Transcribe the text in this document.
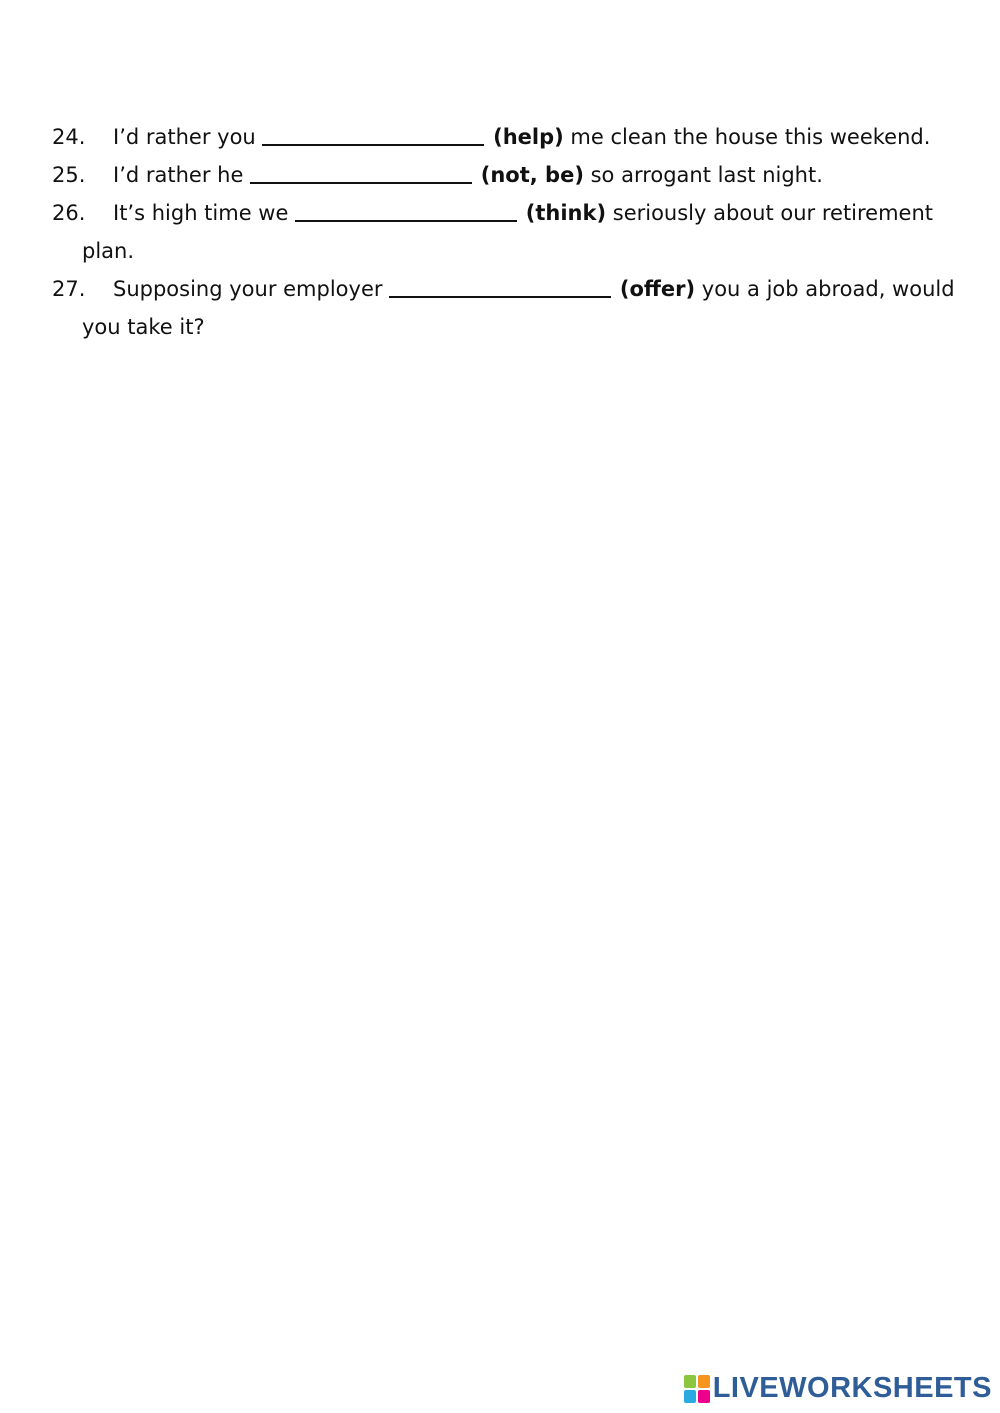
24.	I’d rather you	(help) me clean the house this weekend.
25.	I’d rather he	(not, be) so arrogant last night.
26.	It’s high time we	(think) seriously about our retirement
plan.
27.	Supposing your employer	(offer) you a job abroad, would
you take it?
LIVEWORKSHEETS
